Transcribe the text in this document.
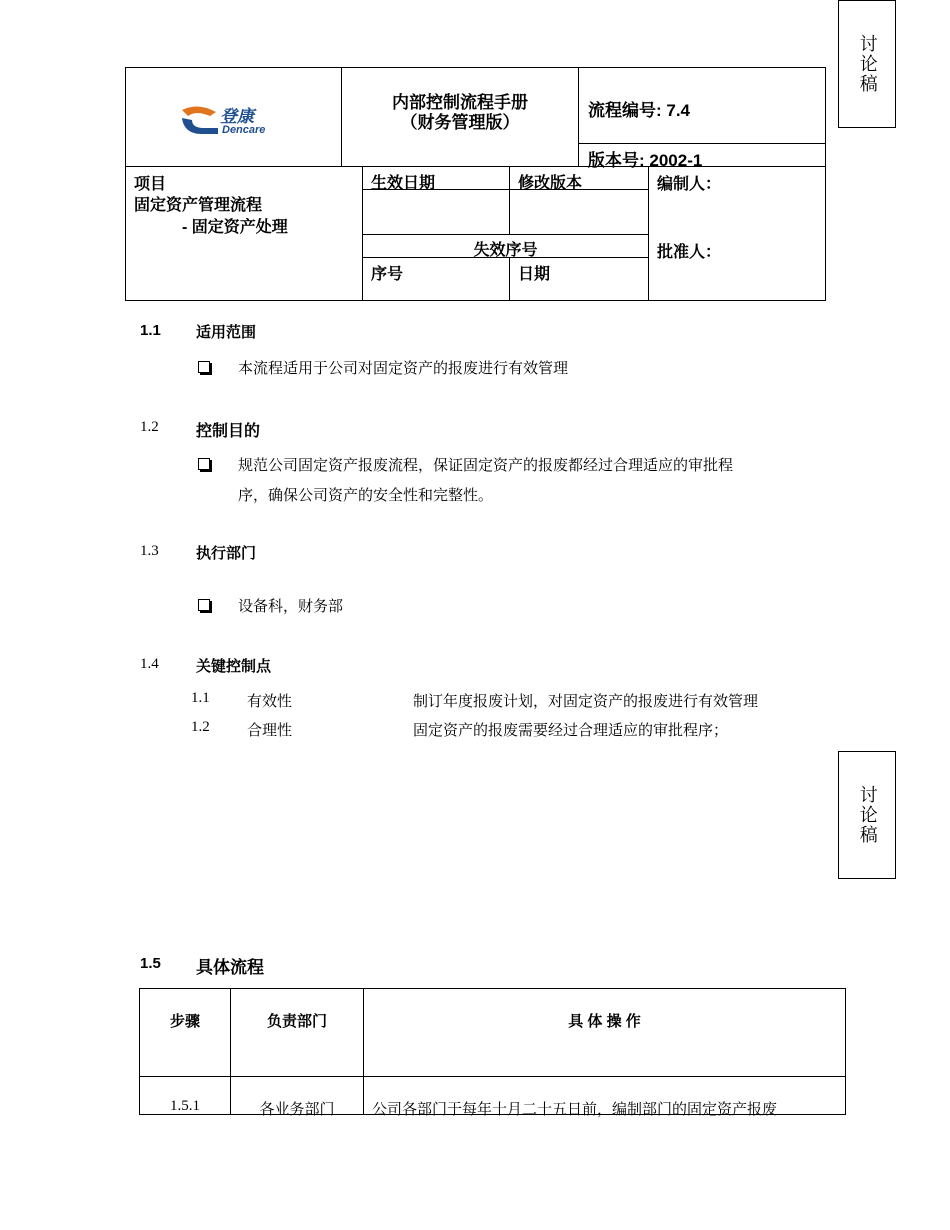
讨论稿
讨论稿
登康
Dencare
内部控制流程手册
（财务管理版）
流程编号: 7.4
版本号: 2002-1
项目
固定资产管理流程
- 固定资产处理
生效日期	修改版本	编制人：
失效序号	批准人：
序号	日期
1.1 适用范围
本流程适用于公司对固定资产的报废进行有效管理
1.2 控制目的
规范公司固定资产报废流程，保证固定资产的报废都经过合理适应的审批程
序，确保公司资产的安全性和完整性。
1.3 执行部门
设备科，财务部
1.4 关键控制点
1.1 有效性	制订年度报废计划，对固定资产的报废进行有效管理
1.2 合理性	固定资产的报废需要经过合理适应的审批程序；
1.5 具体流程
步骤	负责部门	具 体 操 作
1.5.1	各业务部门	公司各部门于每年十月二十五日前，编制部门的固定资产报废
